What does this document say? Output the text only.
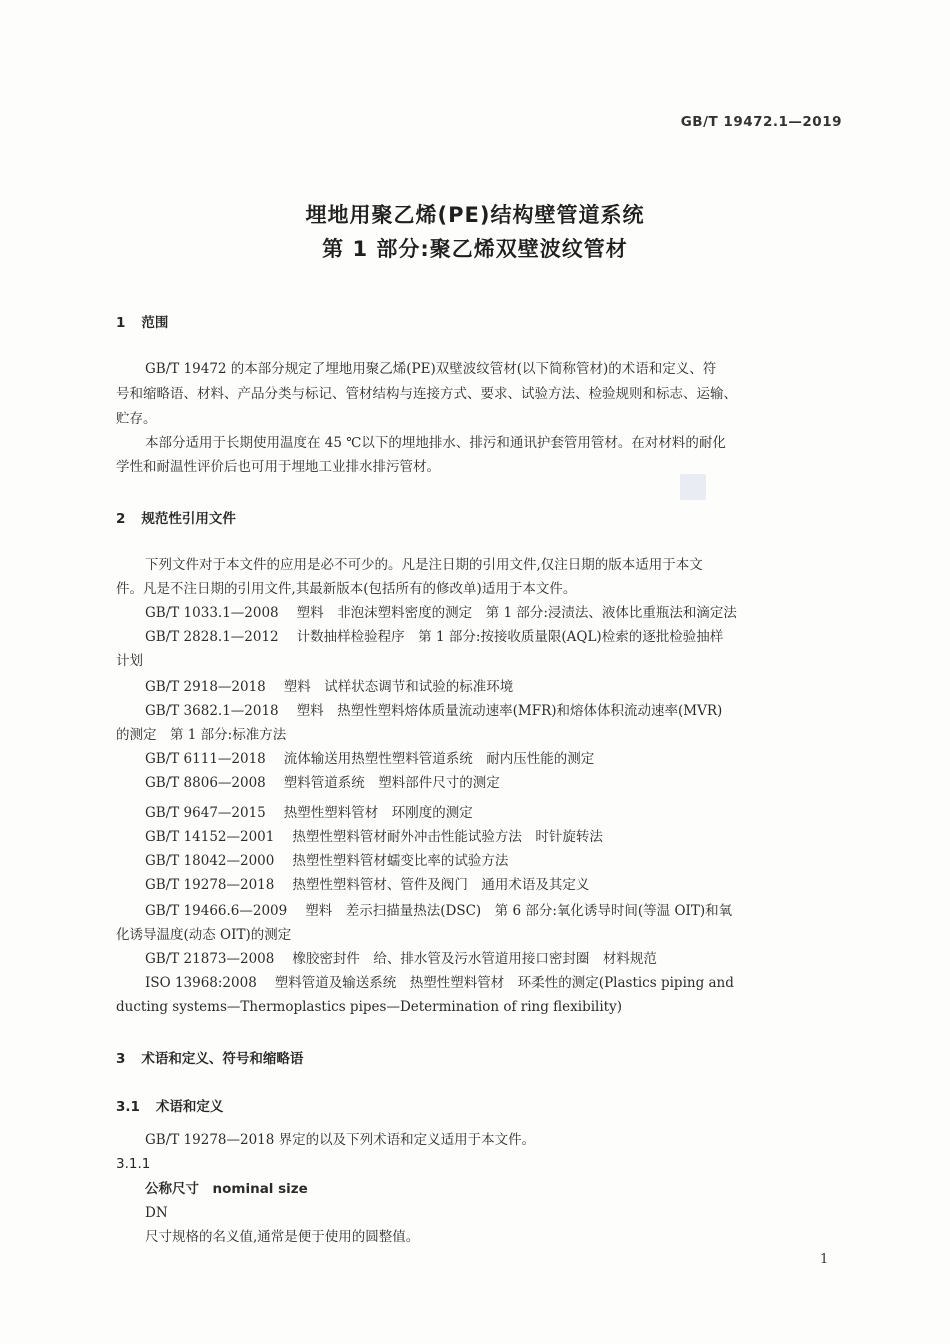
GB/T 19472.1—2019
埋地用聚乙烯(PE)结构壁管道系统
第 1 部分:聚乙烯双壁波纹管材
1 范围
GB/T 19472 的本部分规定了埋地用聚乙烯(PE)双壁波纹管材(以下简称管材)的术语和定义、符
号和缩略语、材料、产品分类与标记、管材结构与连接方式、要求、试验方法、检验规则和标志、运输、
贮存。
本部分适用于长期使用温度在 45 ℃以下的埋地排水、排污和通讯护套管用管材。在对材料的耐化
学性和耐温性评价后也可用于埋地工业排水排污管材。
2 规范性引用文件
下列文件对于本文件的应用是必不可少的。凡是注日期的引用文件,仅注日期的版本适用于本文
件。凡是不注日期的引用文件,其最新版本(包括所有的修改单)适用于本文件。
GB/T 1033.1—2008 塑料　非泡沫塑料密度的测定　第 1 部分:浸渍法、液体比重瓶法和滴定法
GB/T 2828.1—2012 计数抽样检验程序　第 1 部分:按接收质量限(AQL)检索的逐批检验抽样
计划
GB/T 2918—2018 塑料　试样状态调节和试验的标准环境
GB/T 3682.1—2018 塑料　热塑性塑料熔体质量流动速率(MFR)和熔体体积流动速率(MVR)
的测定　第 1 部分:标准方法
GB/T 6111—2018 流体输送用热塑性塑料管道系统　耐内压性能的测定
GB/T 8806—2008 塑料管道系统　塑料部件尺寸的测定
GB/T 9647—2015 热塑性塑料管材　环刚度的测定
GB/T 14152—2001 热塑性塑料管材耐外冲击性能试验方法　时针旋转法
GB/T 18042—2000 热塑性塑料管材蠕变比率的试验方法
GB/T 19278—2018 热塑性塑料管材、管件及阀门　通用术语及其定义
GB/T 19466.6—2009 塑料　差示扫描量热法(DSC)　第 6 部分:氧化诱导时间(等温 OIT)和氧
化诱导温度(动态 OIT)的测定
GB/T 21873—2008 橡胶密封件　给、排水管及污水管道用接口密封圈　材料规范
ISO 13968:2008 塑料管道及输送系统　热塑性塑料管材　环柔性的测定(Plastics piping and
ducting systems—Thermoplastics pipes—Determination of ring flexibility)
3 术语和定义、符号和缩略语
3.1 术语和定义
GB/T 19278—2018 界定的以及下列术语和定义适用于本文件。
3.1.1
公称尺寸　nominal size
DN
尺寸规格的名义值,通常是便于使用的圆整值。
1
